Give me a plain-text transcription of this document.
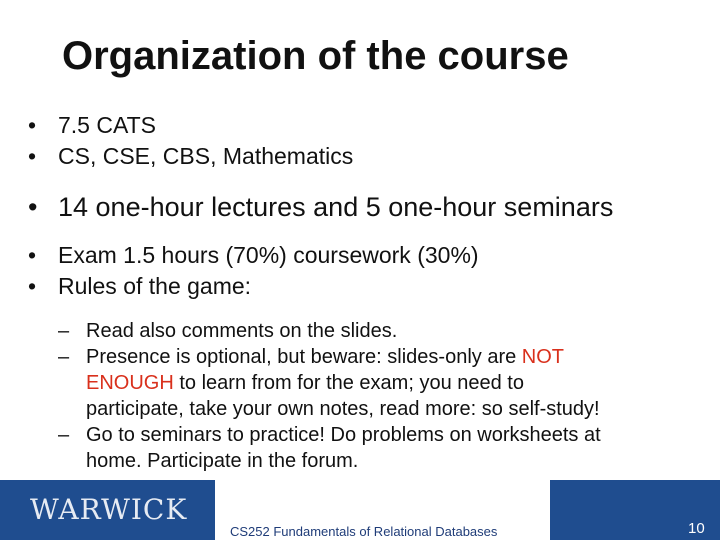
Organization of the course
• 7.5 CATS
• CS, CSE, CBS, Mathematics
• 14 one-hour lectures and 5 one-hour seminars
• Exam 1.5 hours (70%) coursework (30%)
• Rules of the game:
– Read also comments on the slides.
– Presence is optional, but beware: slides-only are NOT
ENOUGH to learn from for the exam; you need to
participate, take your own notes, read more: so self-study!
– Go to seminars to practice! Do problems on worksheets at
home. Participate in the forum.
WARWICK
CS252 Fundamentals of Relational Databases	10
